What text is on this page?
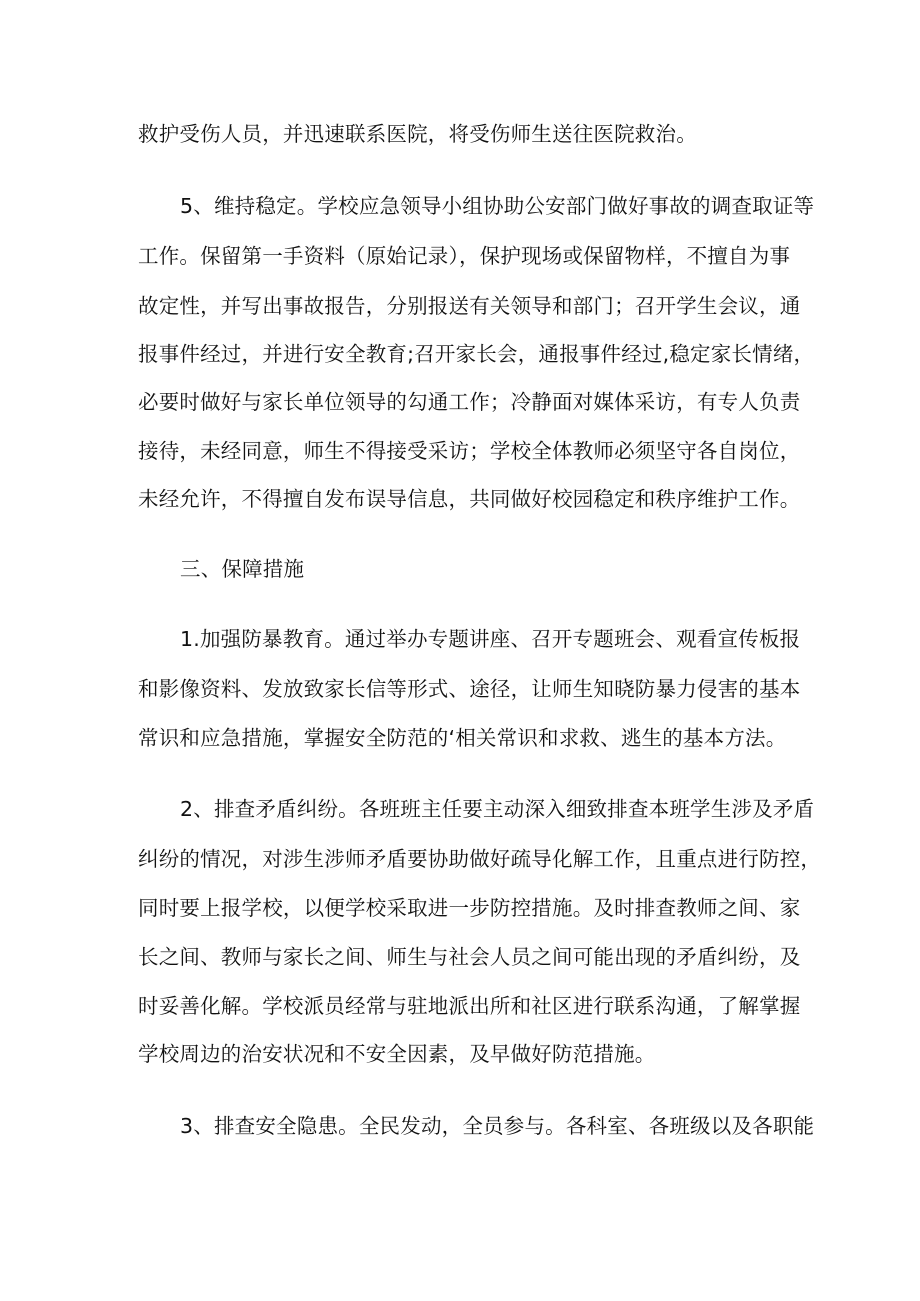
救护受伤人员，并迅速联系医院，将受伤师生送往医院救治。
5、维持稳定。学校应急领导小组协助公安部门做好事故的调查取证等
工作。保留第一手资料（原始记录），保护现场或保留物样，不擅自为事
故定性，并写出事故报告，分别报送有关领导和部门；召开学生会议，通
报事件经过，并进行安全教育;召开家长会，通报事件经过,稳定家长情绪，
必要时做好与家长单位领导的勾通工作；冷静面对媒体采访，有专人负责
接待，未经同意，师生不得接受采访；学校全体教师必须坚守各自岗位，
未经允许，不得擅自发布误导信息，共同做好校园稳定和秩序维护工作。
三、保障措施
1.加强防暴教育。通过举办专题讲座、召开专题班会、观看宣传板报
和影像资料、发放致家长信等形式、途径，让师生知晓防暴力侵害的基本
常识和应急措施，掌握安全防范的‘相关常识和求救、逃生的基本方法。
2、排查矛盾纠纷。各班班主任要主动深入细致排查本班学生涉及矛盾
纠纷的情况，对涉生涉师矛盾要协助做好疏导化解工作，且重点进行防控，
同时要上报学校，以便学校采取进一步防控措施。及时排查教师之间、家
长之间、教师与家长之间、师生与社会人员之间可能出现的矛盾纠纷，及
时妥善化解。学校派员经常与驻地派出所和社区进行联系沟通，了解掌握
学校周边的治安状况和不安全因素，及早做好防范措施。
3、排查安全隐患。全民发动，全员参与。各科室、各班级以及各职能
